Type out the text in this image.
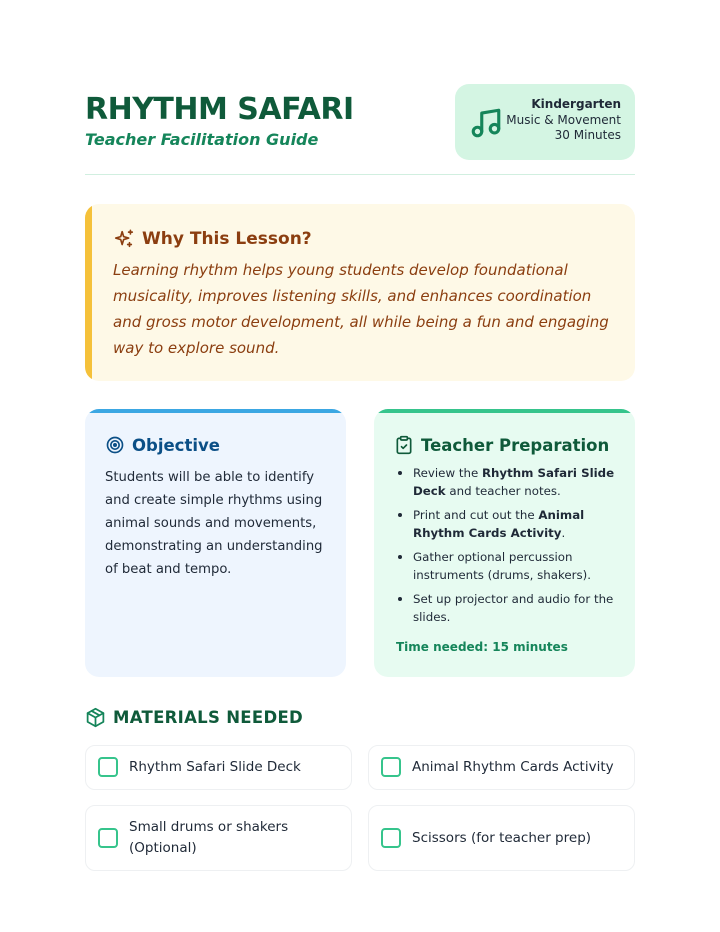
RHYTHM SAFARI
Teacher Facilitation Guide
Kindergarten
Music & Movement
30 Minutes
Why This Lesson?
Learning rhythm helps young students develop foundational musicality, improves listening skills, and enhances coordination and gross motor development, all while being a fun and engaging way to explore sound.
Objective
Students will be able to identify and create simple rhythms using animal sounds and movements, demonstrating an understanding of beat and tempo.
Teacher Preparation
Review the Rhythm Safari Slide Deck and teacher notes.
Print and cut out the Animal Rhythm Cards Activity.
Gather optional percussion instruments (drums, shakers).
Set up projector and audio for the slides.
Time needed: 15 minutes
MATERIALS NEEDED
Rhythm Safari Slide Deck	Animal Rhythm Cards Activity
Small drums or shakers (Optional)
Scissors (for teacher prep)
